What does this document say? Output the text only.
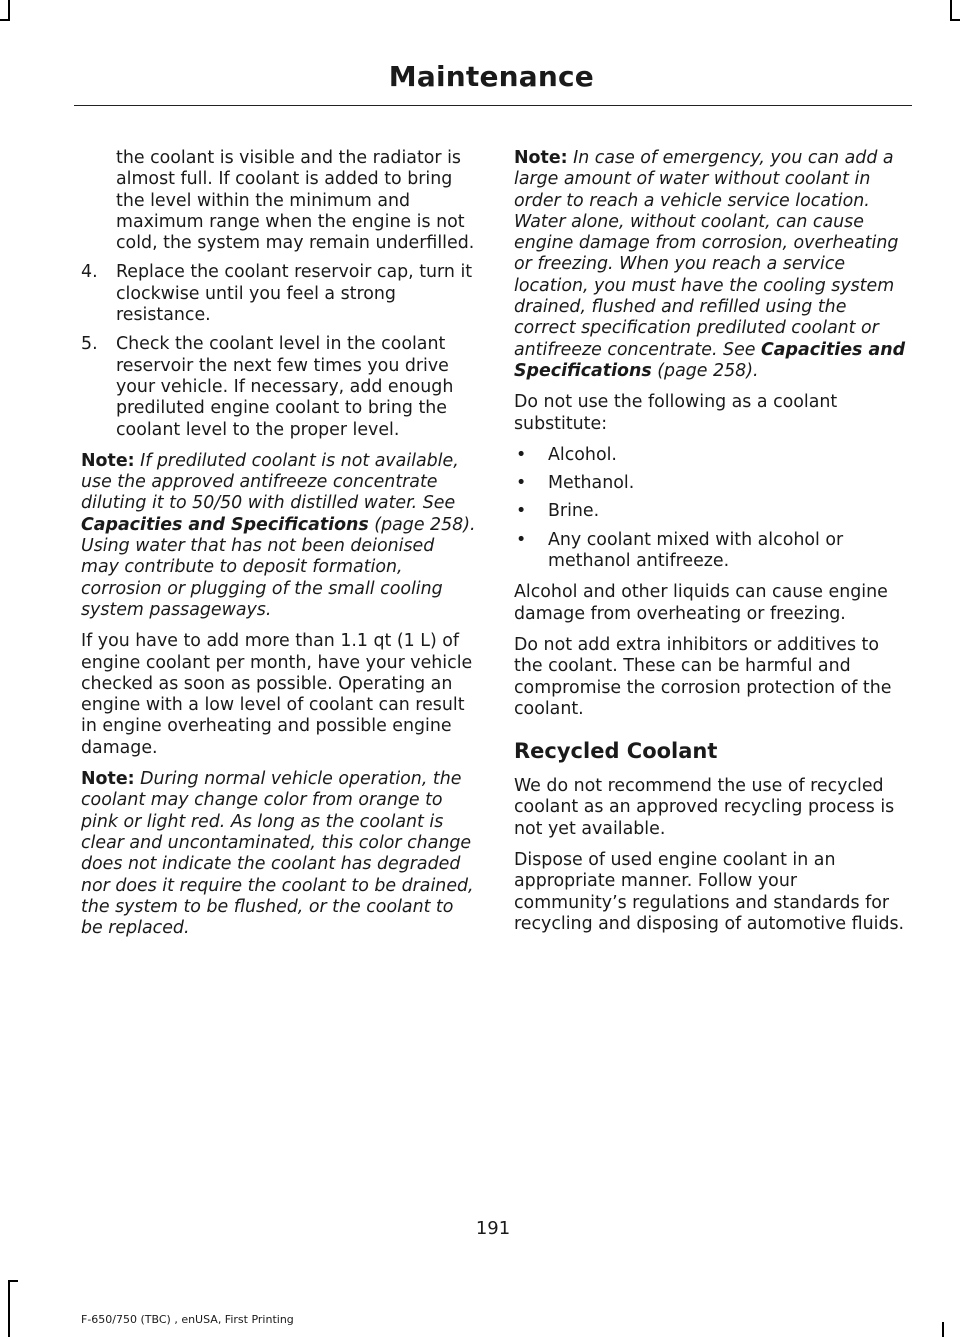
Maintenance

the coolant is visible and the radiator is almost full. If coolant is added to bring the level within the minimum and maximum range when the engine is not cold, the system may remain underfilled.

4. Replace the coolant reservoir cap, turn it clockwise until you feel a strong resistance.
5. Check the coolant level in the coolant reservoir the next few times you drive your vehicle. If necessary, add enough prediluted engine coolant to bring the coolant level to the proper level.

Note: If prediluted coolant is not available, use the approved antifreeze concentrate diluting it to 50/50 with distilled water. See Capacities and Specifications (page 258). Using water that has not been deionised may contribute to deposit formation, corrosion or plugging of the small cooling system passageways.

If you have to add more than 1.1 qt (1 L) of engine coolant per month, have your vehicle checked as soon as possible. Operating an engine with a low level of coolant can result in engine overheating and possible engine damage.

Note: During normal vehicle operation, the coolant may change color from orange to pink or light red. As long as the coolant is clear and uncontaminated, this color change does not indicate the coolant has degraded nor does it require the coolant to be drained, the system to be flushed, or the coolant to be replaced.

Note: In case of emergency, you can add a large amount of water without coolant in order to reach a vehicle service location. Water alone, without coolant, can cause engine damage from corrosion, overheating or freezing. When you reach a service location, you must have the cooling system drained, flushed and refilled using the correct specification prediluted coolant or antifreeze concentrate. See Capacities and Specifications (page 258).

Do not use the following as a coolant substitute:

• Alcohol.
• Methanol.
• Brine.
• Any coolant mixed with alcohol or methanol antifreeze.

Alcohol and other liquids can cause engine damage from overheating or freezing.

Do not add extra inhibitors or additives to the coolant. These can be harmful and compromise the corrosion protection of the coolant.

Recycled Coolant

We do not recommend the use of recycled coolant as an approved recycling process is not yet available.

Dispose of used engine coolant in an appropriate manner. Follow your community’s regulations and standards for recycling and disposing of automotive fluids.

191
F-650/750 (TBC) , enUSA, First Printing
